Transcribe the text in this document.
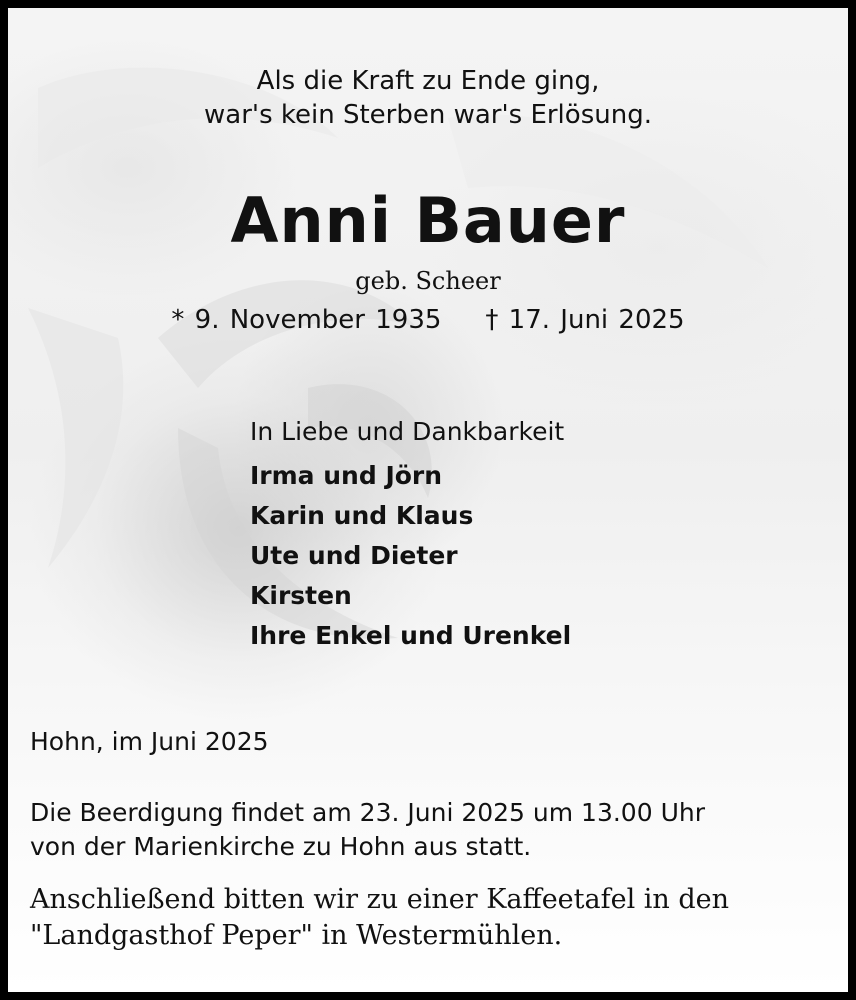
Als die Kraft zu Ende ging,

war's kein Sterben war's Erlösung.

Anni Bauer

geb. Scheer

* 9. November 1935 † 17. Juni 2025

In Liebe und Dankbarkeit

Irma und Jörn
Karin und Klaus
Ute und Dieter
Kirsten
Ihre Enkel und Urenkel

Hohn, im Juni 2025

Die Beerdigung findet am 23. Juni 2025 um 13.00 Uhr

von der Marienkirche zu Hohn aus statt.

Anschließend bitten wir zu einer Kaffeetafel in den

"Landgasthof Peper" in Westermühlen.
